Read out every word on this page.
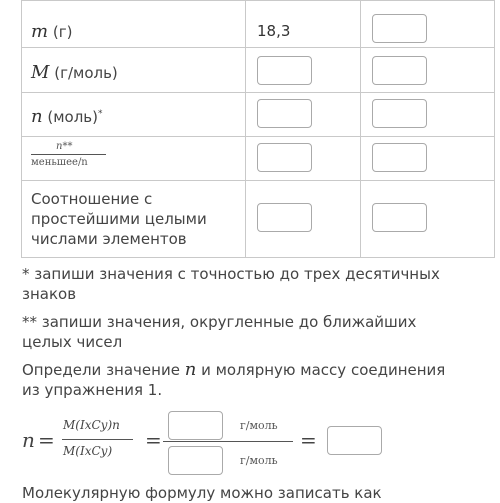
m (г)	18,3
M (г/моль)
n (моль)*
n**
меньшее/n
Соотношение с
простейшими целыми
числами элементов
* запиши значения с точностью до трех десятичных
знаков
** запиши значения, округленные до ближайших
целых чисел
Определи значение n и молярную массу соединения
из упражнения 1.
n =
M(IxCy)n
M(IxCy) =
г/моль
г/моль
=
Молекулярную формулу можно записать как
